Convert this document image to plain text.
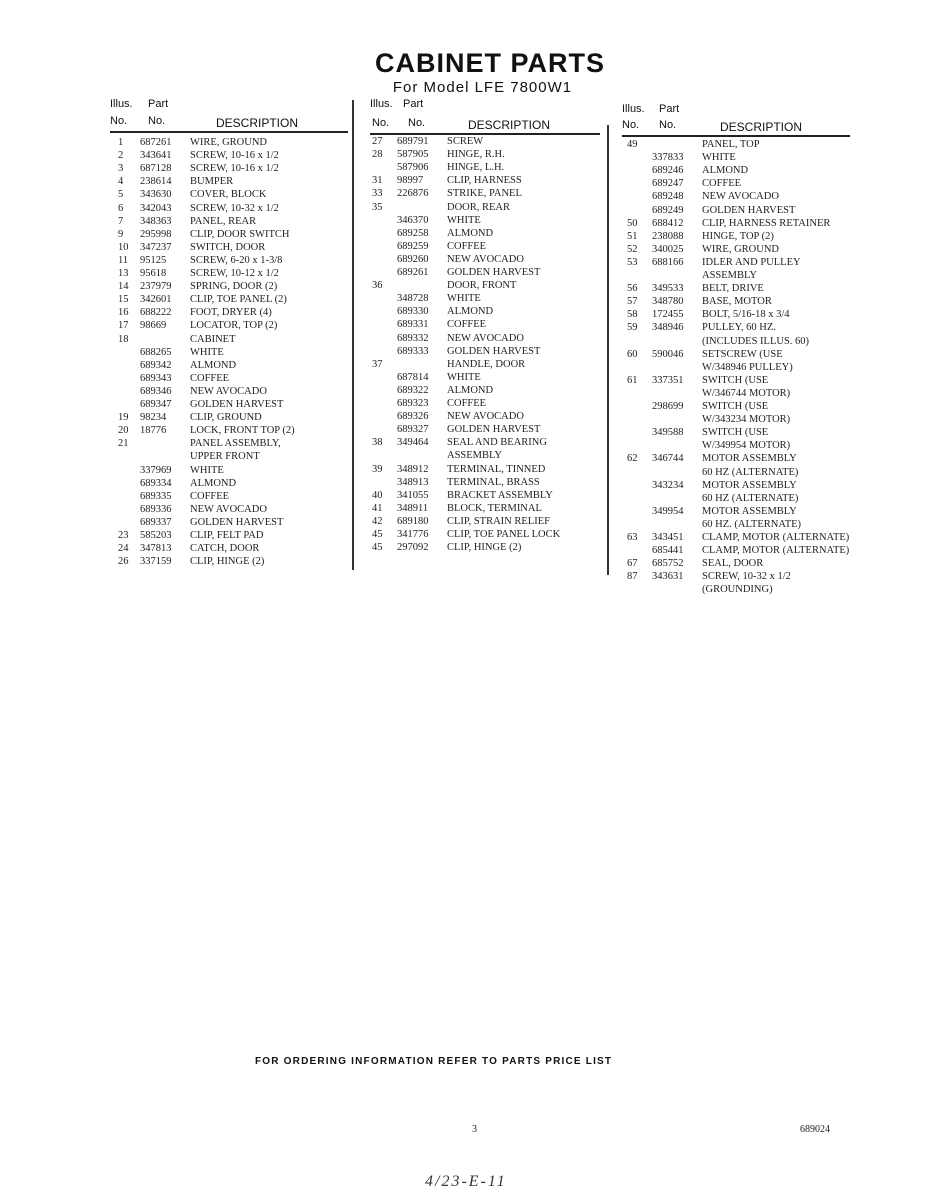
CABINET PARTS
For Model LFE 7800W1
Illus. Part
No. No.	DESCRIPTION
1 687261 WIRE, GROUND
2 343641 SCREW, 10-16 x 1/2
3 687128 SCREW, 10-16 x 1/2
4 238614 BUMPER
5 343630 COVER, BLOCK
6 342043 SCREW, 10-32 x 1/2
7 348363 PANEL, REAR
9 295998 CLIP, DOOR SWITCH
10 347237 SWITCH, DOOR
11 95125 SCREW, 6-20 x 1-3/8
13 95618 SCREW, 10-12 x 1/2
14 237979 SPRING, DOOR (2)
15 342601 CLIP, TOE PANEL (2)
16 688222 FOOT, DRYER (4)
17 98669 LOCATOR, TOP (2)
18	CABINET
688265 WHITE
689342 ALMOND
689343 COFFEE
689346 NEW AVOCADO
689347 GOLDEN HARVEST
19 98234 CLIP, GROUND
20 18776 LOCK, FRONT TOP (2)
21	PANEL ASSEMBLY,
UPPER FRONT
337969 WHITE
689334 ALMOND
689335 COFFEE
689336 NEW AVOCADO
689337 GOLDEN HARVEST
23 585203 CLIP, FELT PAD
24 347813 CATCH, DOOR
26 337159 CLIP, HINGE (2)
Illus. Part
No. No.	DESCRIPTION
27 689791 SCREW
28 587905 HINGE, R.H.
587906 HINGE, L.H.
31 98997 CLIP, HARNESS
33 226876 STRIKE, PANEL
35	DOOR, REAR
346370 WHITE
689258 ALMOND
689259 COFFEE
689260 NEW AVOCADO
689261 GOLDEN HARVEST
36	DOOR, FRONT
348728 WHITE
689330 ALMOND
689331 COFFEE
689332 NEW AVOCADO
689333 GOLDEN HARVEST
37	HANDLE, DOOR
687814 WHITE
689322 ALMOND
689323 COFFEE
689326 NEW AVOCADO
689327 GOLDEN HARVEST
38 349464 SEAL AND BEARING
ASSEMBLY
39 348912 TERMINAL, TINNED
348913 TERMINAL, BRASS
40 341055 BRACKET ASSEMBLY
41 348911 BLOCK, TERMINAL
42 689180 CLIP, STRAIN RELIEF
45 341776 CLIP, TOE PANEL LOCK
45 297092 CLIP, HINGE (2)
Illus. Part
No. No.	DESCRIPTION
49	PANEL, TOP
337833 WHITE
689246 ALMOND
689247 COFFEE
689248 NEW AVOCADO
689249 GOLDEN HARVEST
50 688412 CLIP, HARNESS RETAINER
51 238088 HINGE, TOP (2)
52 340025 WIRE, GROUND
53 688166 IDLER AND PULLEY
ASSEMBLY
56 349533 BELT, DRIVE
57 348780 BASE, MOTOR
58 172455 BOLT, 5/16-18 x 3/4
59 348946 PULLEY, 60 HZ.
(INCLUDES ILLUS. 60)
60 590046 SETSCREW (USE
W/348946 PULLEY)
61 337351 SWITCH (USE
W/346744 MOTOR)
298699 SWITCH (USE
W/343234 MOTOR)
349588 SWITCH (USE
W/349954 MOTOR)
62 346744 MOTOR ASSEMBLY
60 HZ (ALTERNATE)
343234 MOTOR ASSEMBLY
60 HZ (ALTERNATE)
349954 MOTOR ASSEMBLY
60 HZ. (ALTERNATE)
63 343451 CLAMP, MOTOR (ALTERNATE)
685441 CLAMP, MOTOR (ALTERNATE)
67 685752 SEAL, DOOR
87 343631 SCREW, 10-32 x 1/2
(GROUNDING)
FOR ORDERING INFORMATION REFER TO PARTS PRICE LIST
3	689024
4/23-E-11
